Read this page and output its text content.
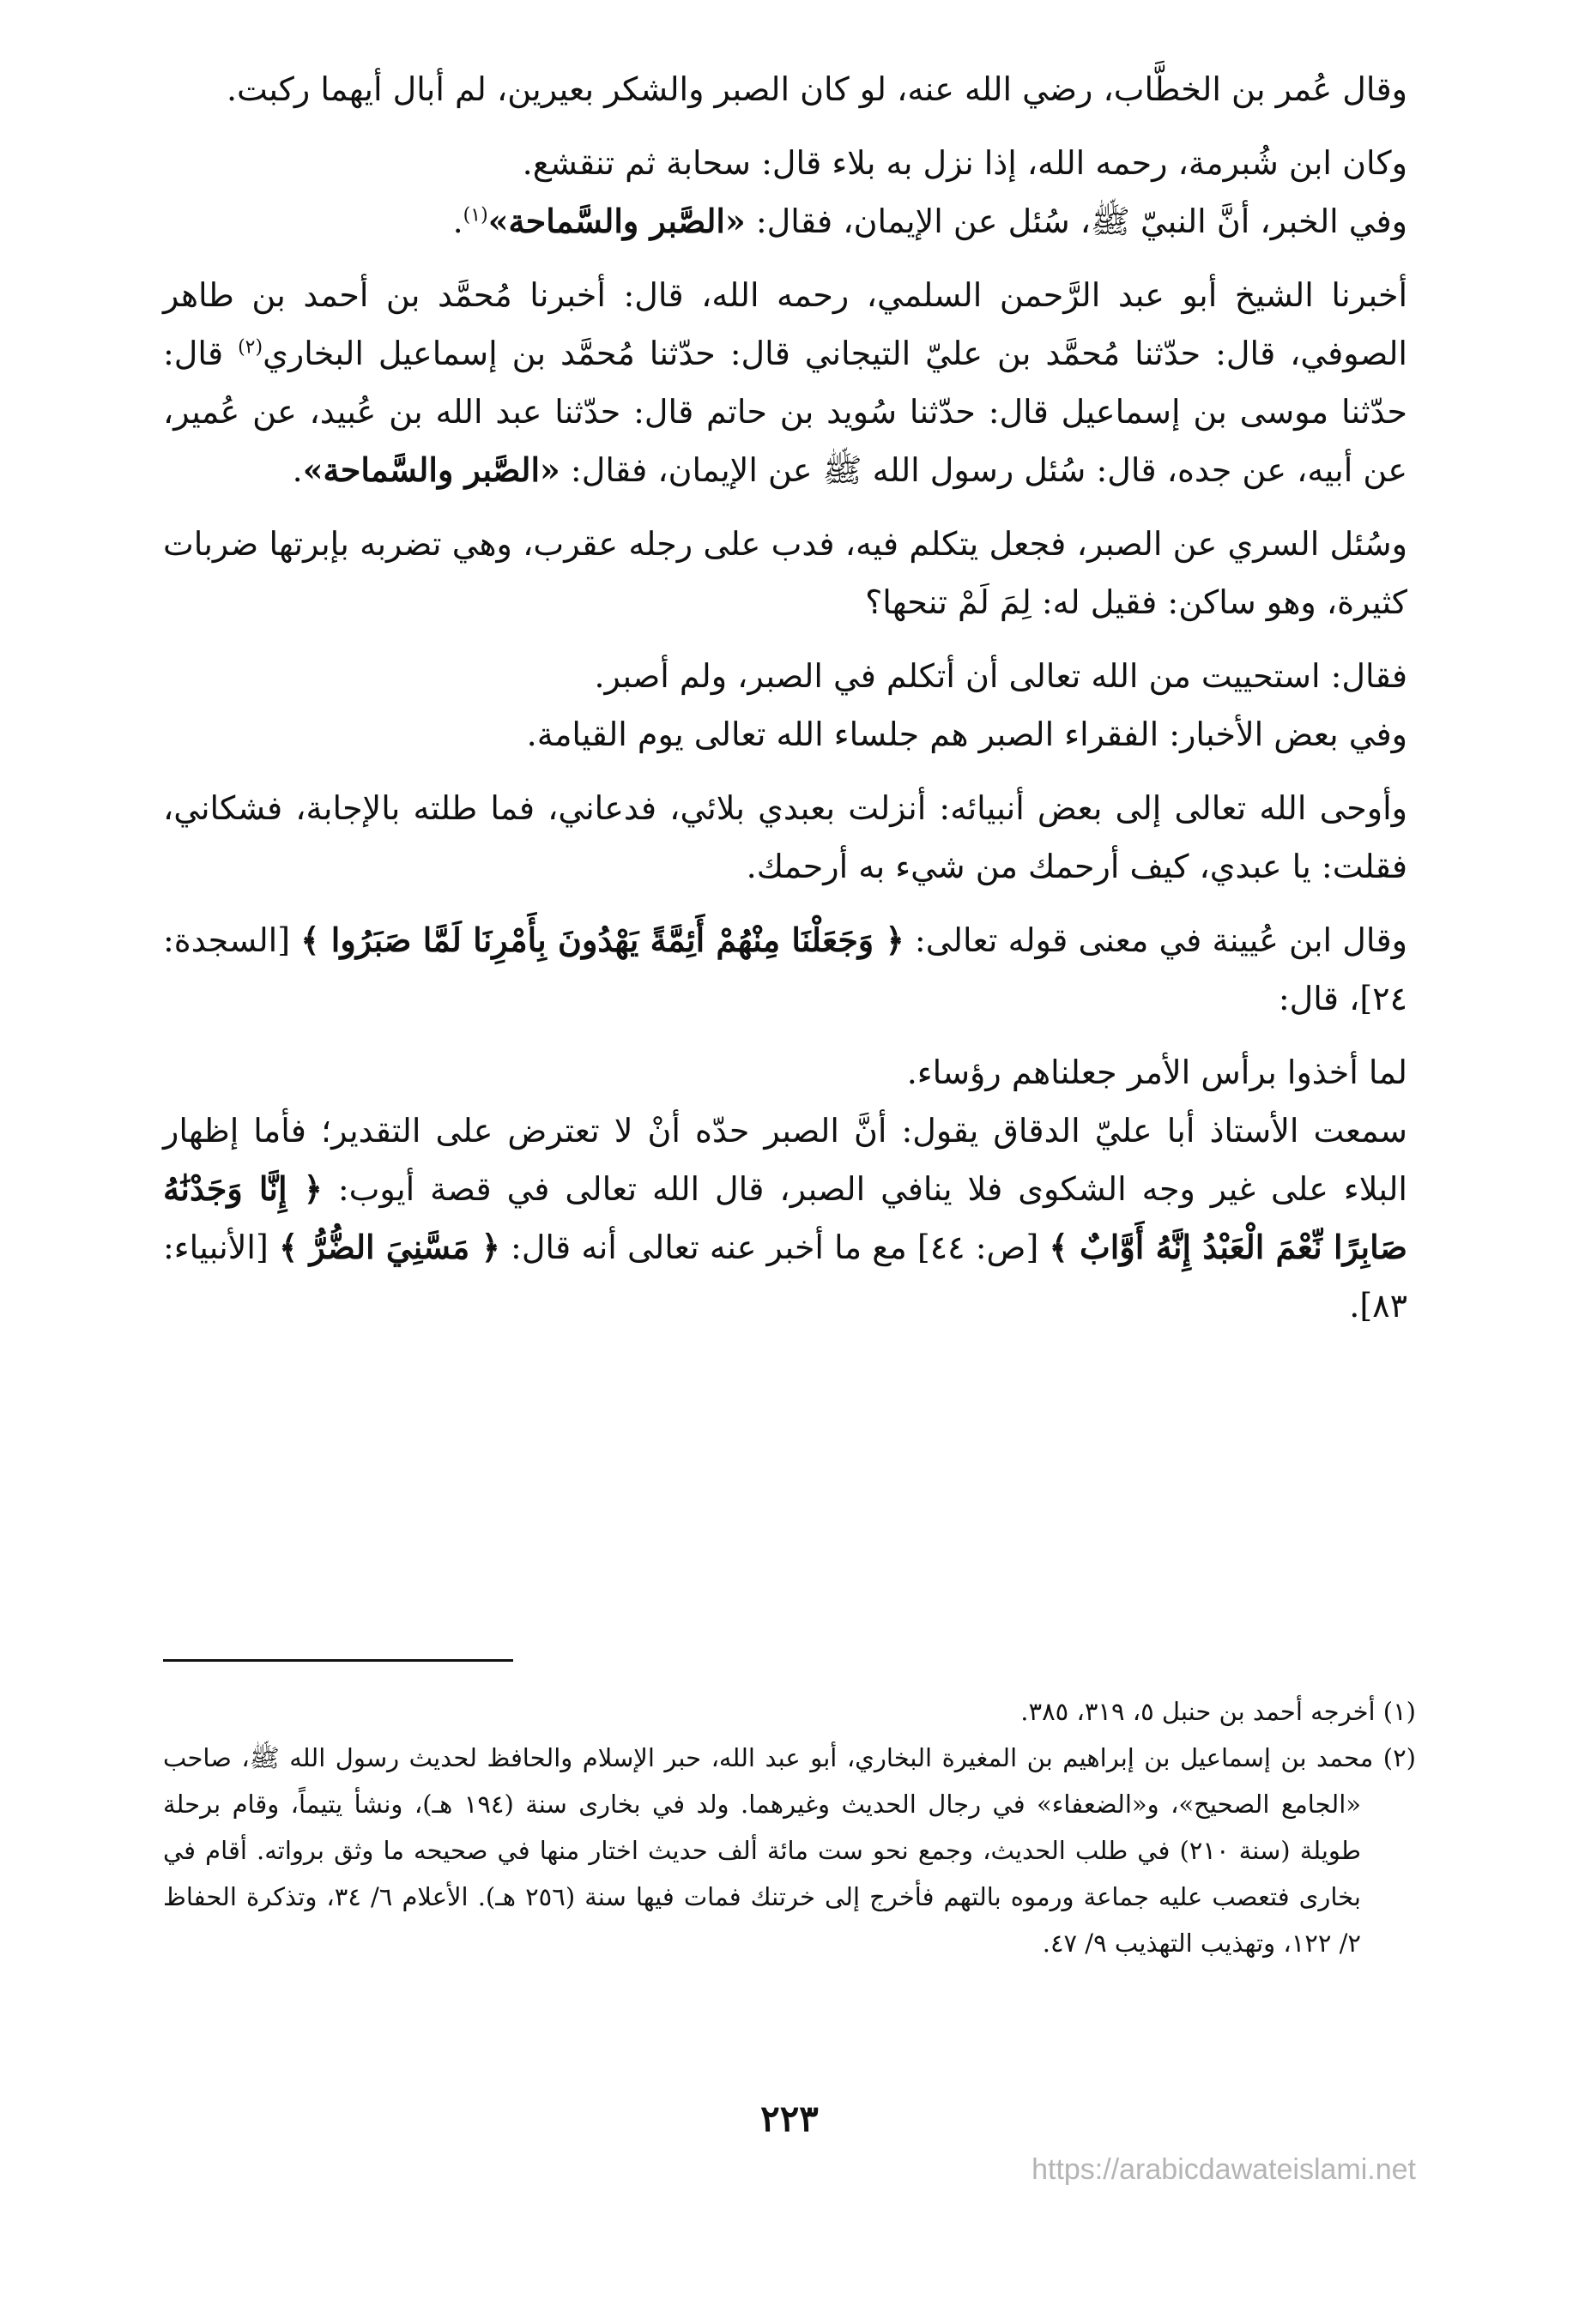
وقال عُمر بن الخطَّاب، رضي الله عنه، لو كان الصبر والشكر بعيرين، لم أبال أيهما ركبت.

وكان ابن شُبرمة، رحمه الله، إذا نزل به بلاء قال: سحابة ثم تنقشع.

وفي الخبر، أنَّ النبيّ ﷺ، سُئل عن الإيمان، فقال: «الصَّبر والسَّماحة»$^{(١)}$.

أخبرنا الشيخ أبو عبد الرَّحمن السلمي، رحمه الله، قال: أخبرنا مُحمَّد بن أحمد بن طاهر الصوفي، قال: حدّثنا مُحمَّد بن عليّ التيجاني قال: حدّثنا مُحمَّد بن إسماعيل البخاري$^{(٢)}$ قال: حدّثنا موسى بن إسماعيل قال: حدّثنا سُويد بن حاتم قال: حدّثنا عبد الله بن عُبيد، عن عُمير، عن أبيه، عن جده، قال: سُئل رسول الله ﷺ عن الإيمان، فقال: «الصَّبر والسَّماحة».

وسُئل السري عن الصبر، فجعل يتكلم فيه، فدب على رجله عقرب، وهي تضربه بإبرتها ضربات كثيرة، وهو ساكن: فقيل له: لِمَ لَمْ تنحها؟

فقال: استحييت من الله تعالى أن أتكلم في الصبر، ولم أصبر.

وفي بعض الأخبار: الفقراء الصبر هم جلساء الله تعالى يوم القيامة.

وأوحى الله تعالى إلى بعض أنبيائه: أنزلت بعبدي بلائي، فدعاني، فما طلته بالإجابة، فشكاني، فقلت: يا عبدي، كيف أرحمك من شيء به أرحمك.

وقال ابن عُيينة في معنى قوله تعالى: ﴿ وَجَعَلْنَا مِنْهُمْ أَئِمَّةً يَهْدُونَ بِأَمْرِنَا لَمَّا صَبَرُوا ﴾ [السجدة: ٢٤]، قال:

لما أخذوا برأس الأمر جعلناهم رؤساء.

سمعت الأستاذ أبا عليّ الدقاق يقول: أنَّ الصبر حدّه أنْ لا تعترض على التقدير؛ فأما إظهار البلاء على غير وجه الشكوى فلا ينافي الصبر، قال الله تعالى في قصة أيوب: ﴿ إِنَّا وَجَدْنَٰهُ صَابِرًا نِّعْمَ الْعَبْدُ إِنَّهُ أَوَّابٌ ﴾ [ص: ٤٤] مع ما أخبر عنه تعالى أنه قال: ﴿ مَسَّنِيَ الضُّرُّ ﴾ [الأنبياء: ٨٣].

(١) أخرجه أحمد بن حنبل ٥، ٣١٩، ٣٨٥.

(٢) محمد بن إسماعيل بن إبراهيم بن المغيرة البخاري، أبو عبد الله، حبر الإسلام والحافظ لحديث رسول الله ﷺ، صاحب «الجامع الصحيح»، و«الضعفاء» في رجال الحديث وغيرهما. ولد في بخارى سنة (١٩٤ هـ)، ونشأ يتيماً، وقام برحلة طويلة (سنة ٢١٠) في طلب الحديث، وجمع نحو ست مائة ألف حديث اختار منها في صحيحه ما وثق برواته. أقام في بخارى فتعصب عليه جماعة ورموه بالتهم فأخرج إلى خرتنك فمات فيها سنة (٢٥٦ هـ). الأعلام ٦/ ٣٤، وتذكرة الحفاظ ٢/ ١٢٢، وتهذيب التهذيب ٩/ ٤٧.

٢٢٣
https://arabicdawateislami.net
